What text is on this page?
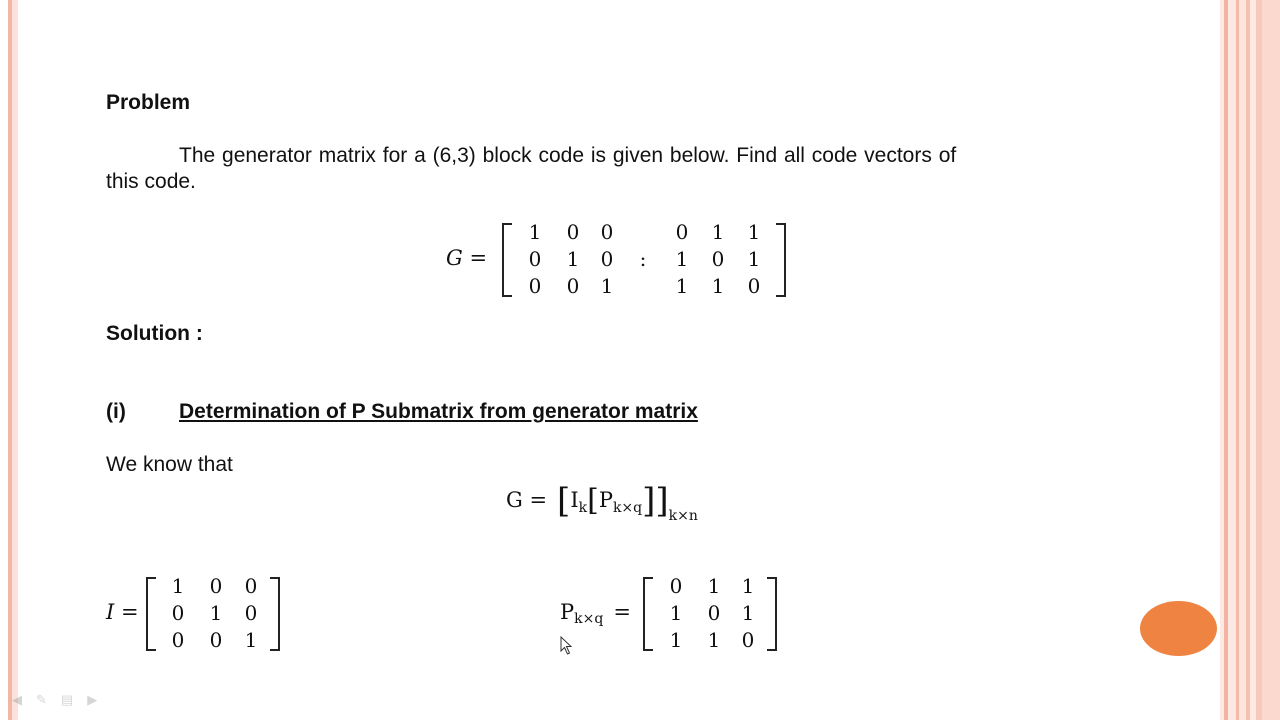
Problem
The generator matrix for a (6,3) block code is given below. Find all code vectors of
this code.
G =
1	0	0	0	1	1
0	1	0	:	1	0	1
0	0	1	1	1	0
Solution :
(i)	Determination of P Submatrix from generator matrix
We know that
G = [ $I_k$ [ $P_{k\times q}$ ]]$_{k\times n}$
I =
1	0	0
0	1	0
0	0	1
$P_{k\times q}$ =
0	1	1
1	0	1
1	1	0
◀ ✎ ▤ ▶
